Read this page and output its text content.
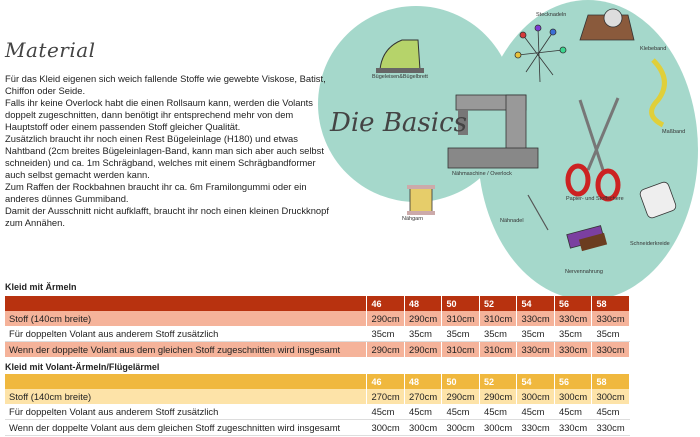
Die Basics
Stecknadeln
Klebeband
Bügeleisen&Bügelbrett
Maßband
Nähmaschine / Overlock
Papier- und Stoffschere
Nähgarn	Nähnadel
Schneiderkreide
Nervennahrung
Material

Für das Kleid eigenen sich weich fallende Stoffe wie gewebte Viskose, Batist, Chiffon oder Seide.

Falls ihr keine Overlock habt die einen Rollsaum kann, werden die Volants doppelt zugeschnitten, dann benötigt ihr entsprechend mehr von dem Hauptstoff oder einem passenden Stoff gleicher Qualität.

Zusätzlich braucht ihr noch einen Rest Bügeleinlage (H180) und etwas Nahtband (2cm breites Bügeleinlagen-Band, kann man sich aber auch selbst schneiden) und ca. 1m Schrägband, welches mit einem Schrägbandformer auch selbst gemacht werden kann.

Zum Raffen der Rockbahnen braucht ihr ca. 6m Framilongummi oder ein anderes dünnes Gummiband.

Damit der Ausschnitt nicht aufklafft, braucht ihr noch einen kleinen Druckknopf zum Annähen.

Kleid mit Ärmeln
	46	48	50	52	54	56	58
Stoff (140cm breite)	290cm	290cm	310cm	310cm	330cm	330cm	330cm
Für doppelten Volant aus anderem Stoff zusätzlich	35cm	35cm	35cm	35cm	35cm	35cm	35cm
Wenn der doppelte Volant aus dem gleichen Stoff zugeschnitten wird insgesamt	290cm	290cm	310cm	310cm	330cm	330cm	330cm
Kleid mit Volant-Ärmeln/Flügelärmel
	46	48	50	52	54	56	58
Stoff (140cm breite)	270cm	270cm	290cm	290cm	300cm	300cm	300cm
Für doppelten Volant aus anderem Stoff zusätzlich	45cm	45cm	45cm	45cm	45cm	45cm	45cm
Wenn der doppelte Volant aus dem gleichen Stoff zugeschnitten wird insgesamt	300cm	300cm	300cm	300cm	330cm	330cm	330cm
